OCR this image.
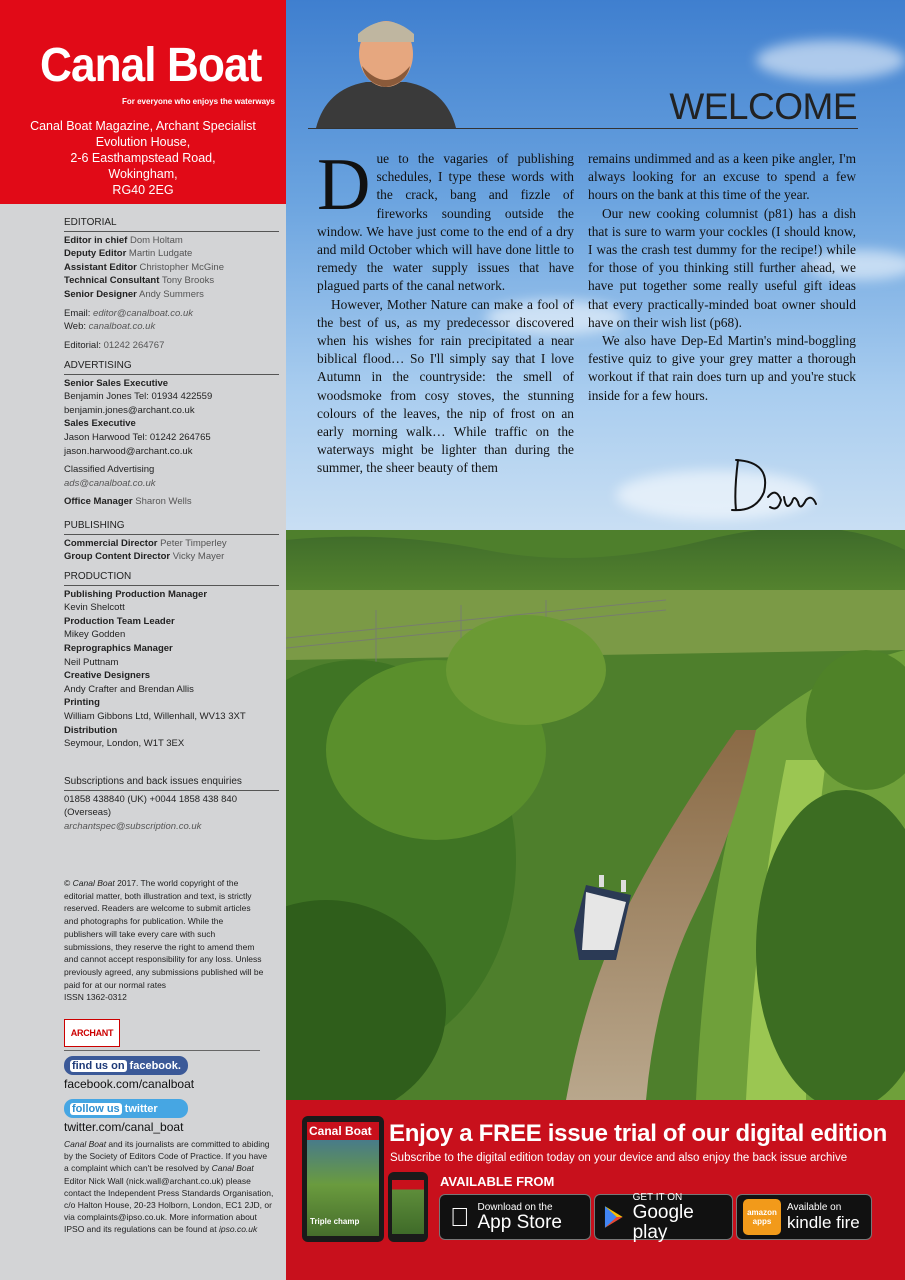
Canal Boat
For everyone who enjoys the waterways
Canal Boat Magazine, Archant Specialist
Evolution House,
2-6 Easthampstead Road,
Wokingham,
RG40 2EG
EDITORIAL
Editor in chief Dom Holtam
Deputy Editor Martin Ludgate
Assistant Editor Christopher McGine
Technical Consultant Tony Brooks
Senior Designer Andy Summers
Email: editor@canalboat.co.uk
Web: canalboat.co.uk
Editorial: 01242 264767
ADVERTISING
Senior Sales Executive
Benjamin Jones Tel: 01934 422559
benjamin.jones@archant.co.uk
Sales Executive
Jason Harwood Tel: 01242 264765
jason.harwood@archant.co.uk
Classified Advertising
ads@canalboat.co.uk
Office Manager Sharon Wells
PUBLISHING
Commercial Director Peter Timperley
Group Content Director Vicky Mayer
PRODUCTION
Publishing Production Manager
Kevin Shelcott
Production Team Leader
Mikey Godden
Reprographics Manager
Neil Puttnam
Creative Designers
Andy Crafter and Brendan Allis
Printing
William Gibbons Ltd, Willenhall, WV13 3XT
Distribution
Seymour, London, W1T 3EX
Subscriptions and back issues enquiries
01858 438840 (UK) +0044 1858 438 840 (Overseas)
archantspec@subscription.co.uk
© Canal Boat 2017. The world copyright of the editorial matter, both illustration and text, is strictly reserved. Readers are welcome to submit articles and photographs for publication. While the publishers will take every care with such submissions, they reserve the right to amend them and cannot accept responsibility for any loss. Unless previously agreed, any submissions published will be paid for at our normal rates
ISSN 1362-0312
ARCHANT
find us on facebook.
facebook.com/canalboat
follow us twitter
twitter.com/canal_boat
Canal Boat and its journalists are committed to abiding by the Society of Editors Code of Practice. If you have a complaint which can't be resolved by Canal Boat Editor Nick Wall (nick.wall@archant.co.uk) please contact the Independent Press Standards Organisation, c/o Halton House, 20-23 Holborn, London, EC1 2JD, or via complaints@ipso.co.uk. More information about IPSO and its regulations can be found at ipso.co.uk
WELCOME
D ue to the vagaries of publishing schedules, I type these words with the crack, bang and fizzle of fireworks sounding outside the window. We have just come to the end of a dry and mild October which will have done little to remedy the water supply issues that have plagued parts of the canal network.

However, Mother Nature can make a fool of the best of us, as my predecessor discovered when his wishes for rain precipitated a near biblical flood… So I'll simply say that I love Autumn in the countryside: the smell of woodsmoke from cosy stoves, the stunning colours of the leaves, the nip of frost on an early morning walk… While traffic on the waterways might be lighter than during the summer, the sheer beauty of them

remains undimmed and as a keen pike angler, I'm always looking for an excuse to spend a few hours on the bank at this time of the year.

Our new cooking columnist (p81) has a dish that is sure to warm your cockles (I should know, I was the crash test dummy for the recipe!) while for those of you thinking still further ahead, we have put together some really useful gift ideas that every practically-minded boat owner should have on their wish list (p68).

We also have Dep-Ed Martin's mind-boggling festive quiz to give your grey matter a thorough workout if that rain does turn up and you're stuck inside for a few hours.

Canal Boat
Triple champ
Enjoy a FREE issue trial of our digital edition
Subscribe to the digital edition today on your device and also enjoy the back issue archive
AVAILABLE FROM
Download on the
App Store
GET IT ON
Google play
amazon
apps
Available on
kindle fire
